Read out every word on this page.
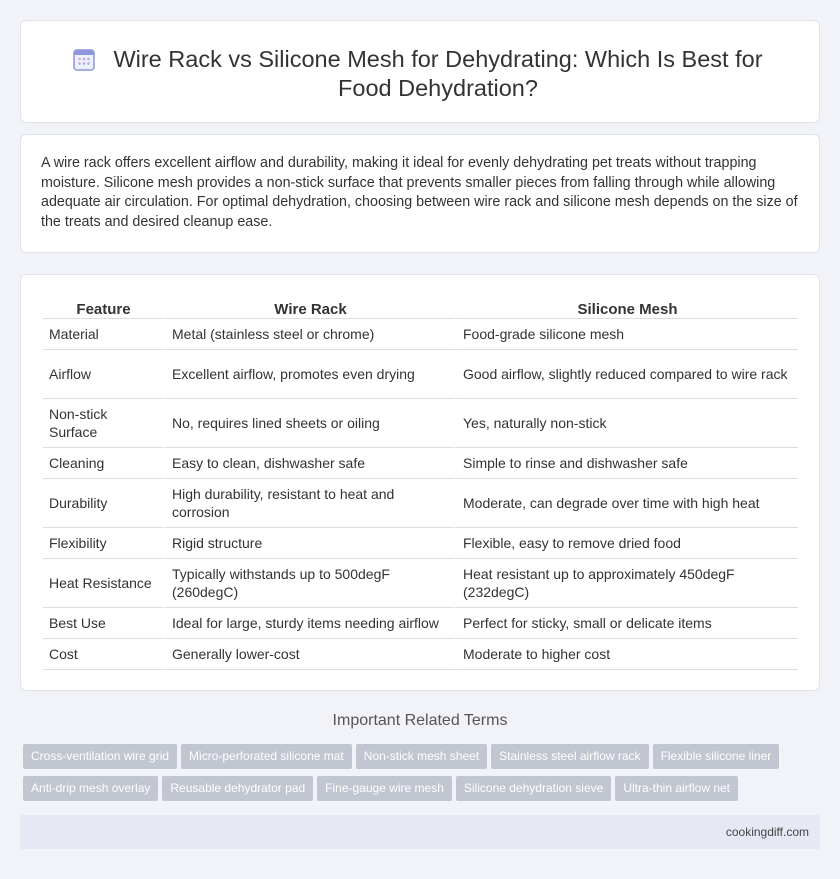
Wire Rack vs Silicone Mesh for Dehydrating: Which Is Best for Food Dehydration?

A wire rack offers excellent airflow and durability, making it ideal for evenly dehydrating pet treats without trapping moisture. Silicone mesh provides a non-stick surface that prevents smaller pieces from falling through while allowing adequate air circulation. For optimal dehydration, choosing between wire rack and silicone mesh depends on the size of the treats and desired cleanup ease.

Feature	Wire Rack	Silicone Mesh
Material	Metal (stainless steel or chrome)	Food-grade silicone mesh
Airflow	Excellent airflow, promotes even drying	Good airflow, slightly reduced compared to wire rack
Non-stick Surface	No, requires lined sheets or oiling	Yes, naturally non-stick
Cleaning	Easy to clean, dishwasher safe	Simple to rinse and dishwasher safe
Durability	High durability, resistant to heat and corrosion	Moderate, can degrade over time with high heat
Flexibility	Rigid structure	Flexible, easy to remove dried food
Heat Resistance	Typically withstands up to 500degF (260degC)	Heat resistant up to approximately 450degF (232degC)
Best Use	Ideal for large, sturdy items needing airflow	Perfect for sticky, small or delicate items
Cost	Generally lower-cost	Moderate to higher cost
Important Related Terms
Cross-ventilation wire grid Micro-perforated silicone mat Non-stick mesh sheet Stainless steel airflow rack Flexible silicone liner
Anti-drip mesh overlay Reusable dehydrator pad Fine-gauge wire mesh Silicone dehydration sieve Ultra-thin airflow net
cookingdiff.com
